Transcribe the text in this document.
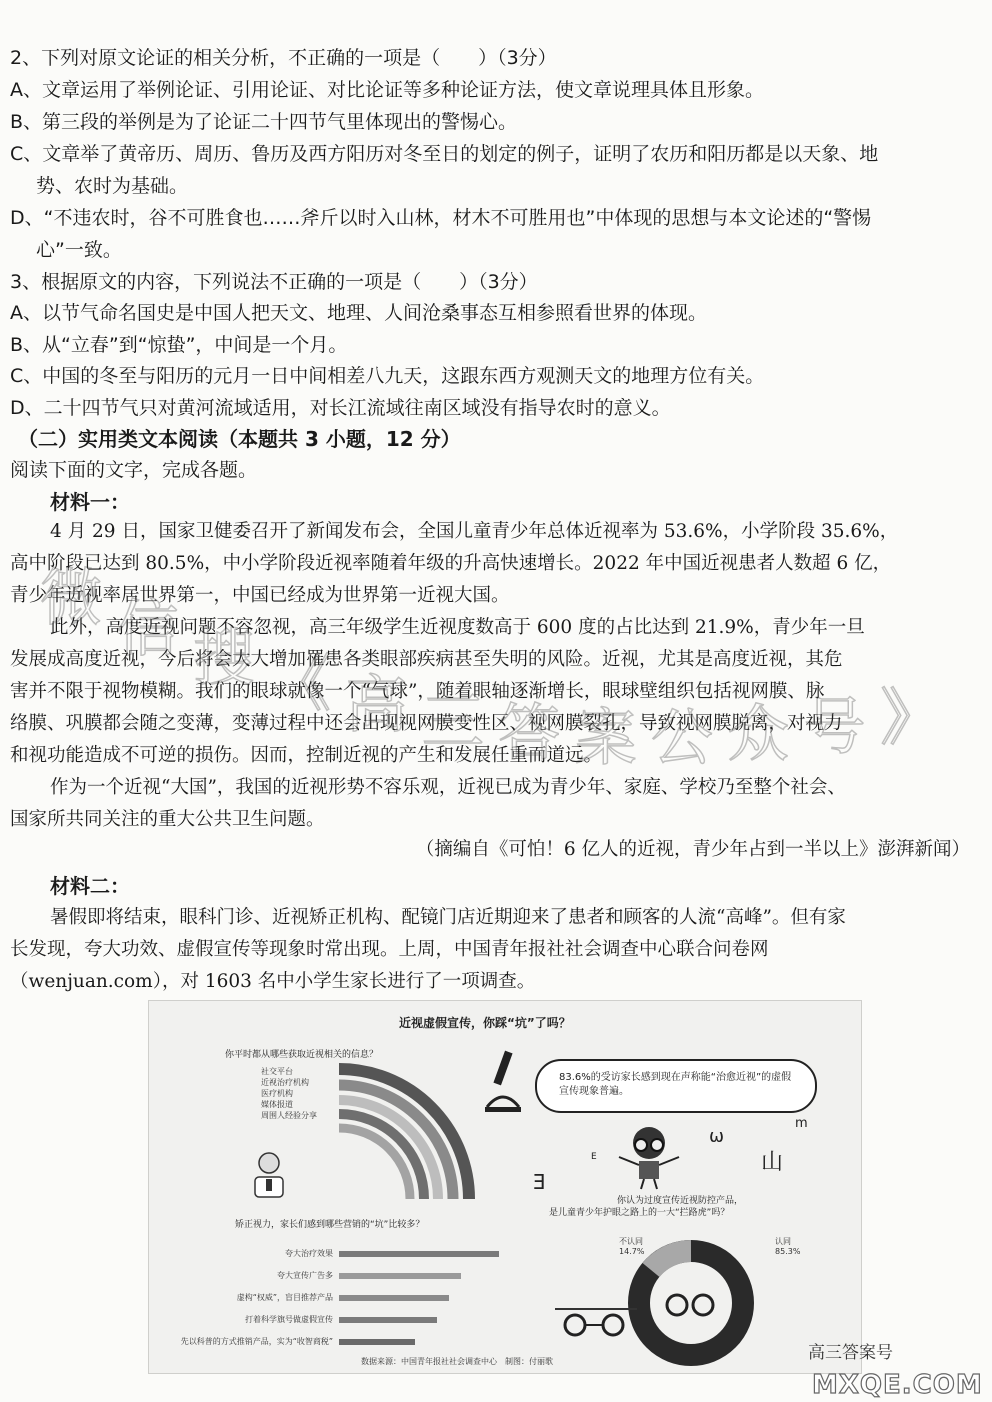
2、下列对原文论证的相关分析，不正确的一项是（　　）（3分）
A、文章运用了举例论证、引用论证、对比论证等多种论证方法，使文章说理具体且形象。
B、第三段的举例是为了论证二十四节气里体现出的警惕心。
C、文章举了黄帝历、周历、鲁历及西方阳历对冬至日的划定的例子，证明了农历和阳历都是以天象、地
势、农时为基础。
D、“不违农时，谷不可胜食也……斧斤以时入山林，材木不可胜用也”中体现的思想与本文论述的“警惕
心”一致。
3、根据原文的内容，下列说法不正确的一项是（　　）（3分）
A、以节气命名国史是中国人把天文、地理、人间沧桑事态互相参照看世界的体现。
B、从“立春”到“惊蛰”，中间是一个月。
C、中国的冬至与阳历的元月一日中间相差八九天，这跟东西方观测天文的地理方位有关。
D、二十四节气只对黄河流域适用，对长江流域往南区域没有指导农时的意义。
（二）实用类文本阅读（本题共 3 小题，12 分）
阅读下面的文字，完成各题。
材料一：
4 月 29 日，国家卫健委召开了新闻发布会，全国儿童青少年总体近视率为 53.6%，小学阶段 35.6%，
高中阶段已达到 80.5%，中小学阶段近视率随着年级的升高快速增长。2022 年中国近视患者人数超 6 亿，
青少年近视率居世界第一，中国已经成为世界第一近视大国。
此外，高度近视问题不容忽视，高三年级学生近视度数高于 600 度的占比达到 21.9%，青少年一旦
发展成高度近视，今后将会大大增加罹患各类眼部疾病甚至失明的风险。近视，尤其是高度近视，其危
害并不限于视物模糊。我们的眼球就像一个“气球”，随着眼轴逐渐增长，眼球壁组织包括视网膜、脉
络膜、巩膜都会随之变薄，变薄过程中还会出现视网膜变性区、视网膜裂孔，导致视网膜脱离，对视力
和视功能造成不可逆的损伤。因而，控制近视的产生和发展任重而道远。
作为一个近视“大国”，我国的近视形势不容乐观，近视已成为青少年、家庭、学校乃至整个社会、
国家所共同关注的重大公共卫生问题。
（摘编自《可怕！6 亿人的近视，青少年占到一半以上》澎湃新闻）
材料二：
暑假即将结束，眼科门诊、近视矫正机构、配镜门店近期迎来了患者和顾客的人流“高峰”。但有家
长发现，夸大功效、虚假宣传等现象时常出现。上周，中国青年报社社会调查中心联合问卷网
（wenjuan.com），对 1603 名中小学生家长进行了一项调查。
近视虚假宣传，你踩“坑”了吗？
你平时都从哪些获取近视相关的信息？
社交平台
近视治疗机构
医疗机构
媒体报道
周围人经验分享
83.6%的受访家长感到现在声称能“治愈近视”的虚假宣传现象普遍。
m
E	山
E
ω
矫正视力，家长们感到哪些营销的“坑”比较多？
夸大治疗效果
夸大宣传广告多
虚构“权威”，盲目推荐产品
打着科学旗号做虚假宣传
先以科普的方式推销产品，实为“收智商税”
你认为过度宣传近视防控产品，
是儿童青少年护眼之路上的一大“拦路虎”吗？
不认同
14.7%
认同
85.3%
数据来源：中国青年报社社会调查中心　制图：付丽歌
微 信 搜 《 高 三 答 案 公 众 号 》
高三答案号
MXQE.COM
